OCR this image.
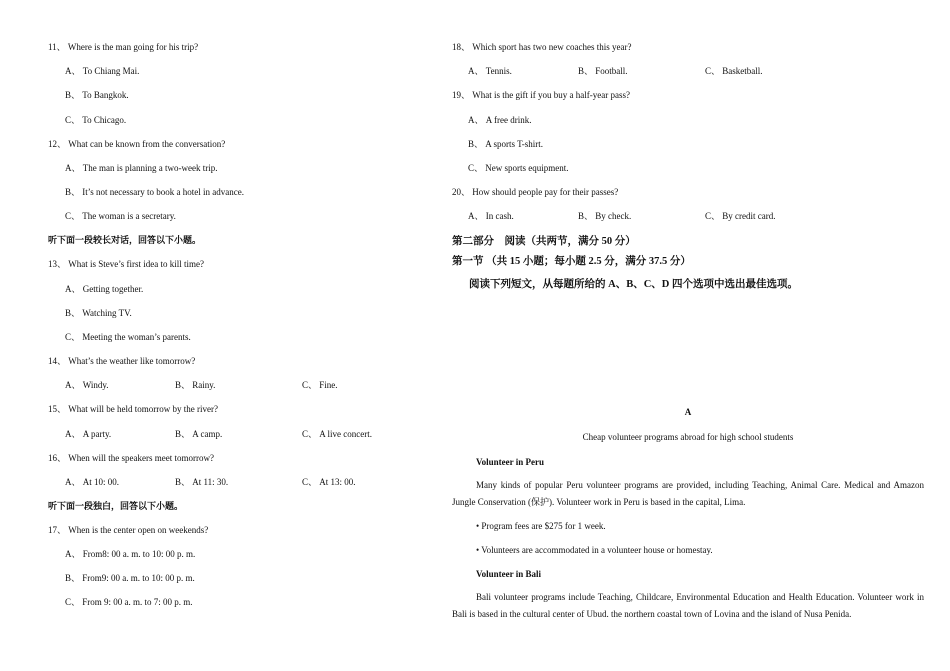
11、 Where is the man going for his trip?
A、 To Chiang Mai.
B、 To Bangkok.
C、 To Chicago.
12、 What can be known from the conversation?
A、 The man is planning a two-week trip.
B、 It’s not necessary to book a hotel in advance.
C、 The woman is a secretary.
听下面一段较长对话，回答以下小题。
13、 What is Steve’s first idea to kill time?
A、 Getting together.
B、 Watching TV.
C、 Meeting the woman’s parents.
14、 What’s the weather like tomorrow?
A、 Windy.	B、 Rainy.	C、 Fine.
15、 What will be held tomorrow by the river?
A、 A party.	B、 A camp.	C、 A live concert.
16、 When will the speakers meet tomorrow?
A、 At 10: 00.	B、 At 11: 30.	C、 At 13: 00.
听下面一段独白，回答以下小题。
17、 When is the center open on weekends?
A、 From8: 00 a. m. to 10: 00 p. m.
B、 From9: 00 a. m. to 10: 00 p. m.
C、 From 9: 00 a. m. to 7: 00 p. m.
18、 Which sport has two new coaches this year?
A、 Tennis.	B、 Football.	C、 Basketball.
19、 What is the gift if you buy a half-year pass?
A、 A free drink.
B、 A sports T-shirt.
C、 New sports equipment.
20、 How should people pay for their passes?
A、 In cash.	B、 By check.	C、 By credit card.
第二部分　阅读（共两节，满分 50 分）
第一节 （共 15 小题；每小题 2.5 分，满分 37.5 分）
阅读下列短文，从每题所给的 A、B、C、D 四个选项中选出最佳选项。
A
Cheap volunteer programs abroad for high school students
Volunteer in Peru
Many kinds of popular Peru volunteer programs are provided, including Teaching, Animal Care. Medical and Amazon Jungle Conservation (保护). Volunteer work in Peru is based in the capital, Lima.
• Program fees are $275 for 1 week.
• Volunteers are accommodated in a volunteer house or homestay.
Volunteer in Bali
Bali volunteer programs include Teaching, Childcare, Environmental Education and Health Education. Volunteer work in Bali is based in the cultural center of Ubud. the northern coastal town of Lovina and the island of Nusa Penida.
